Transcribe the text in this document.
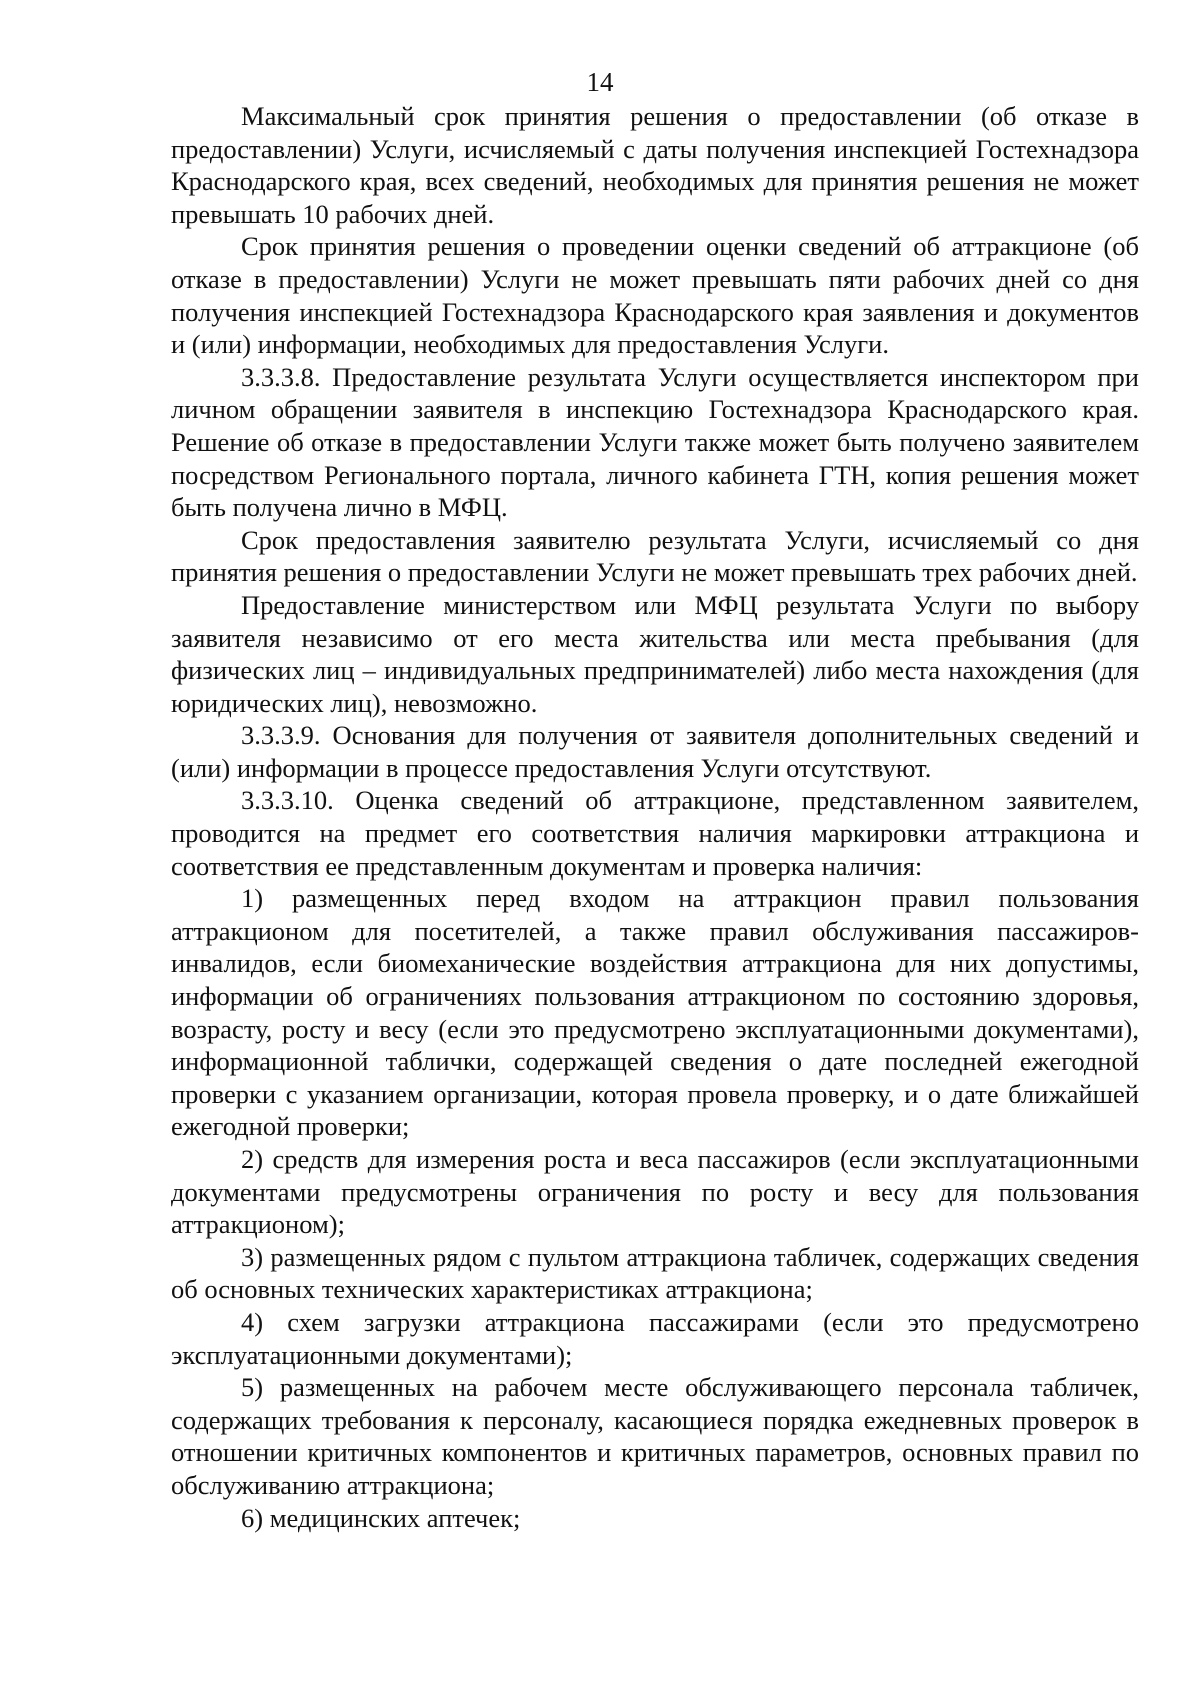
14

Максимальный срок принятия решения о предоставлении (об отказе в предоставлении) Услуги, исчисляемый с даты получения инспекцией Гостехнадзора Краснодарского края, всех сведений, необходимых для принятия решения не может превышать 10 рабочих дней.

Срок принятия решения о проведении оценки сведений об аттракционе (об отказе в предоставлении) Услуги не может превышать пяти рабочих дней со дня получения инспекцией Гостехнадзора Краснодарского края заявления и документов и (или) информации, необходимых для предоставления Услуги.

3.3.3.8. Предоставление результата Услуги осуществляется инспектором при личном обращении заявителя в инспекцию Гостехнадзора Краснодарского края. Решение об отказе в предоставлении Услуги также может быть получено заявителем посредством Регионального портала, личного кабинета ГТН, копия решения может быть получена лично в МФЦ.

Срок предоставления заявителю результата Услуги, исчисляемый со дня принятия решения о предоставлении Услуги не может превышать трех рабочих дней.

Предоставление министерством или МФЦ результата Услуги по выбору заявителя независимо от его места жительства или места пребывания (для физических лиц – индивидуальных предпринимателей) либо места нахождения (для юридических лиц), невозможно.

3.3.3.9. Основания для получения от заявителя дополнительных сведений и (или) информации в процессе предоставления Услуги отсутствуют.

3.3.3.10. Оценка сведений об аттракционе, представленном заявителем, проводится на предмет его соответствия наличия маркировки аттракциона и соответствия ее представленным документам и проверка наличия:

1) размещенных перед входом на аттракцион правил пользования аттракционом для посетителей, а также правил обслуживания пассажиров-инвалидов, если биомеханические воздействия аттракциона для них допустимы, информации об ограничениях пользования аттракционом по состоянию здоровья, возрасту, росту и весу (если это предусмотрено эксплуатационными документами), информационной таблички, содержащей сведения о дате последней ежегодной проверки с указанием организации, которая провела проверку, и о дате ближайшей ежегодной проверки;

2) средств для измерения роста и веса пассажиров (если эксплуатационными документами предусмотрены ограничения по росту и весу для пользования аттракционом);

3) размещенных рядом с пультом аттракциона табличек, содержащих сведения об основных технических характеристиках аттракциона;

4) схем загрузки аттракциона пассажирами (если это предусмотрено эксплуатационными документами);

5) размещенных на рабочем месте обслуживающего персонала табличек, содержащих требования к персоналу, касающиеся порядка ежедневных проверок в отношении критичных компонентов и критичных параметров, основных правил по обслуживанию аттракциона;

6) медицинских аптечек;
